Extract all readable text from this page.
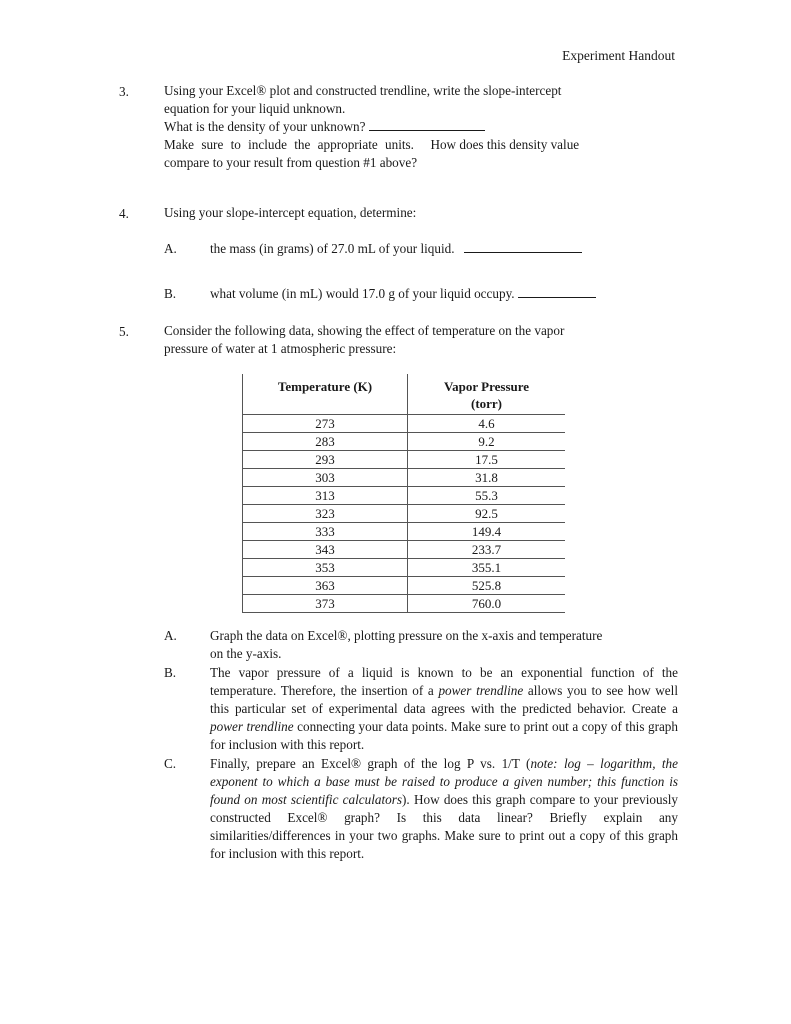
Experiment Handout
3.	Using your Excel® plot and constructed trendline, write the slope-intercept
equation for your liquid unknown.
What is the density of your unknown?
Make sure to include the appropriate units. How does this density value
compare to your result from question #1 above?
4.	Using your slope-intercept equation, determine:
A.	the mass (in grams) of 27.0 mL of your liquid.
B.	what volume (in mL) would 17.0 g of your liquid occupy.
5.	Consider the following data, showing the effect of temperature on the vapor
pressure of water at 1 atmospheric pressure:
Temperature (K)	Vapor Pressure
(torr)

273	4.6
283	9.2
293	17.5
303	31.8
313	55.3
323	92.5
333	149.4
343	233.7
353	355.1
363	525.8
373	760.0
A.	Graph the data on Excel®, plotting pressure on the x-axis and temperature
on the y-axis.
B.	The vapor pressure of a liquid is known to be an exponential function of the temperature. Therefore, the insertion of a power trendline allows you to see how well this particular set of experimental data agrees with the predicted behavior. Create a power trendline connecting your data points. Make sure to print out a copy of this graph for inclusion with this report.
C.	Finally, prepare an Excel® graph of the log P vs. 1/T (note: log – logarithm, the exponent to which a base must be raised to produce a given number; this function is found on most scientific calculators). How does this graph compare to your previously constructed Excel® graph? Is this data linear? Briefly explain any similarities/differences in your two graphs. Make sure to print out a copy of this graph for inclusion with this report.
